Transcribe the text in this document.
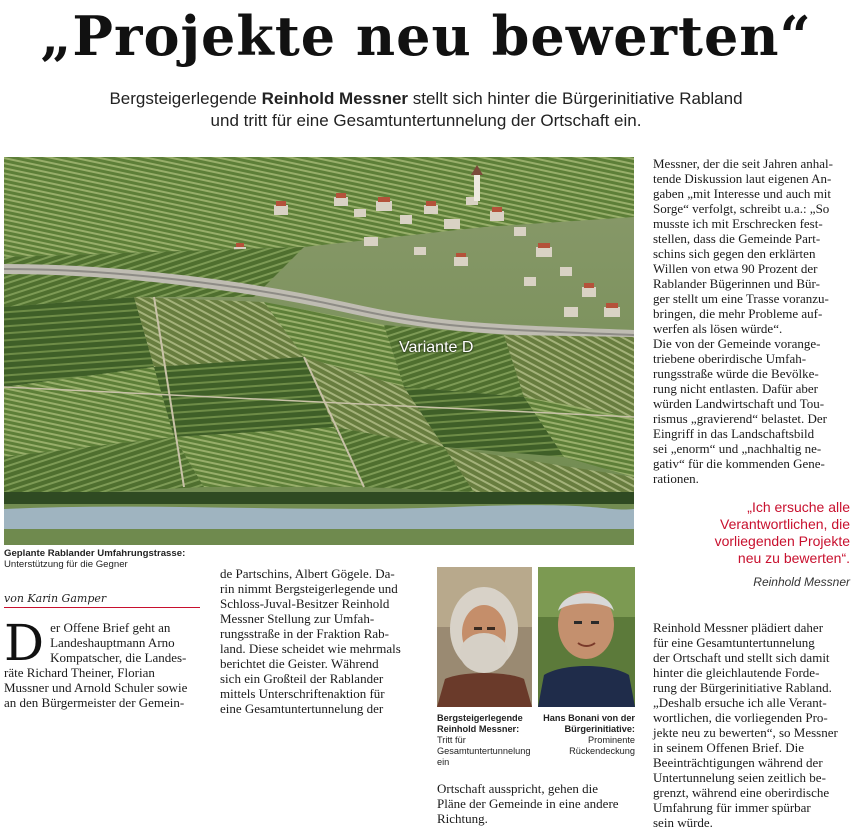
„Projekte neu bewerten“
Bergsteigerlegende Reinhold Messner stellt sich hinter die Bürgerinitiative Rabland
und tritt für eine Gesamtuntertunnelung der Ortschaft ein.
Variante D
Geplante Rablander Umfahrungstrasse:
Unterstützung für die Gegner
von Karin Gamper
D er Offene Brief geht an

Landeshauptmann Arno

Kompatscher, die Landes-

räte Richard Theiner, Florian

Mussner und Arnold Schuler sowie

an den Bürgermeister der Gemein-

de Partschins, Albert Gögele. Da-

rin nimmt Bergsteigerlegende und

Schloss-Juval-Besitzer Reinhold

Messner Stellung zur Umfah-

rungsstraße in der Fraktion Rab-

land. Diese scheidet wie mehrmals

berichtet die Geister. Während

sich ein Großteil der Rablander

mittels Unterschriftenaktion für

eine Gesamtuntertunnelung der

Bergsteigerlegende Reinhold Messner:
Tritt für Gesamtuntertunnelung ein
Hans Bonani von der Bürgerinitiative:
Prominente Rückendeckung

Ortschaft ausspricht, gehen die

Pläne der Gemeinde in eine andere

Richtung.

Messner, der die seit Jahren anhal-

tende Diskussion laut eigenen An-

gaben „mit Interesse und auch mit

Sorge“ verfolgt, schreibt u.a.: „So

musste ich mit Erschrecken fest-

stellen, dass die Gemeinde Part-

schins sich gegen den erklärten

Willen von etwa 90 Prozent der

Rablander Bügerinnen und Bür-

ger stellt um eine Trasse voranzu-

bringen, die mehr Probleme auf-

werfen als lösen würde“.

Die von der Gemeinde vorange-

triebene oberirdische Umfah-

rungsstraße würde die Bevölke-

rung nicht entlasten. Dafür aber

würden Landwirtschaft und Tou-

rismus „gravierend“ belastet. Der

Eingriff in das Landschaftsbild

sei „enorm“ und „nachhaltig ne-

gativ“ für die kommenden Gene-

rationen.

„Ich ersuche alle
Verantwortlichen, die
vorliegenden Projekte
neu zu bewerten“.
Reinhold Messner

Reinhold Messner plädiert daher

für eine Gesamtuntertunnelung

der Ortschaft und stellt sich damit

hinter die gleichlautende Forde-

rung der Bürgerinitiative Rabland.

„Deshalb ersuche ich alle Verant-

wortlichen, die vorliegenden Pro-

jekte neu zu bewerten“, so Messner

in seinem Offenen Brief. Die

Beeinträchtigungen während der

Untertunnelung seien zeitlich be-

grenzt, während eine oberirdische

Umfahrung für immer spürbar

sein würde.
